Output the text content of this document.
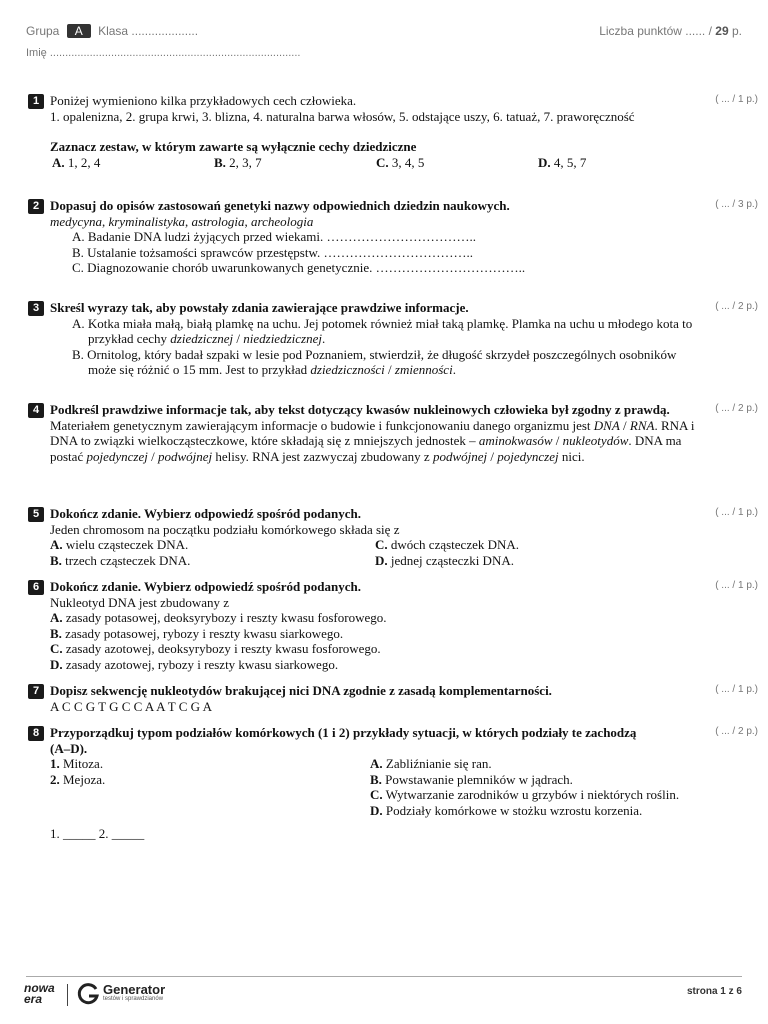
Grupa A Klasa ....................	Liczba punktów ...... / 29 p.
Imię ..................................................................................
1 Poniżej wymieniono kilka przykładowych cech człowieka.
1. opalenizna, 2. grupa krwi, 3. blizna, 4. naturalna barwa włosów, 5. odstające uszy, 6. tatuaż, 7. praworęczność
Zaznacz zestaw, w którym zawarte są wyłącznie cechy dziedziczne
A. 1, 2, 4	B. 2, 3, 7	C. 3, 4, 5	D. 4, 5, 7
( ... / 1 p.)
2 Dopasuj do opisów zastosowań genetyki nazwy odpowiednich dziedzin naukowych.
medycyna, kryminalistyka, astrologia, archeologia
A. Badanie DNA ludzi żyjących przed wiekami. ……………………………..
B. Ustalanie tożsamości sprawców przestępstw. ……………………………..
C. Diagnozowanie chorób uwarunkowanych genetycznie. ……………………………..
( ... / 3 p.)
3 Skreśl wyrazy tak, aby powstały zdania zawierające prawdziwe informacje.
A. Kotka miała małą, białą plamkę na uchu. Jej potomek również miał taką plamkę. Plamka na uchu u młodego kota to przykład cechy dziedzicznej / niedziedzicznej.
B. Ornitolog, który badał szpaki w lesie pod Poznaniem, stwierdził, że długość skrzydeł poszczególnych osobników może się różnić o 15 mm. Jest to przykład dziedziczności / zmienności.
( ... / 2 p.)
4 Podkreśl prawdziwe informacje tak, aby tekst dotyczący kwasów nukleinowych człowieka był zgodny z prawdą.
Materiałem genetycznym zawierającym informacje o budowie i funkcjonowaniu danego organizmu jest DNA / RNA. RNA i DNA to związki wielkocząsteczkowe, które składają się z mniejszych jednostek – aminokwasów / nukleotydów. DNA ma postać pojedynczej / podwójnej helisy. RNA jest zazwyczaj zbudowany z podwójnej / pojedynczej nici.
( ... / 2 p.)
5 Dokończ zdanie. Wybierz odpowiedź spośród podanych.
Jeden chromosom na początku podziału komórkowego składa się z
A. wielu cząsteczek DNA.	C. dwóch cząsteczek DNA.
B. trzech cząsteczek DNA.	D. jednej cząsteczki DNA.
( ... / 1 p.)
6 Dokończ zdanie. Wybierz odpowiedź spośród podanych.
Nukleotyd DNA jest zbudowany z
A. zasady potasowej, deoksyrybozy i reszty kwasu fosforowego.
B. zasady potasowej, rybozy i reszty kwasu siarkowego.
C. zasady azotowej, deoksyrybozy i reszty kwasu fosforowego.
D. zasady azotowej, rybozy i reszty kwasu siarkowego.
( ... / 1 p.)
7 Dopisz sekwencję nukleotydów brakującej nici DNA zgodnie z zasadą komplementarności.
A C C G T G C C A A T C G A
( ... / 1 p.)
8 Przyporządkuj typom podziałów komórkowych (1 i 2) przykłady sytuacji, w których podziały te zachodzą (A–D).
1. Mitoza.
2. Mejoza.
A. Zabliźnianie się ran.
B. Powstawanie plemników w jądrach.
C. Wytwarzanie zarodników u grzybów i niektórych roślin.
D. Podziały komórkowe w stożku wzrostu korzenia.
1. _____ 2. _____
( ... / 2 p.)
nowa
era
Generator
testów i sprawdzianów
strona 1 z 6
